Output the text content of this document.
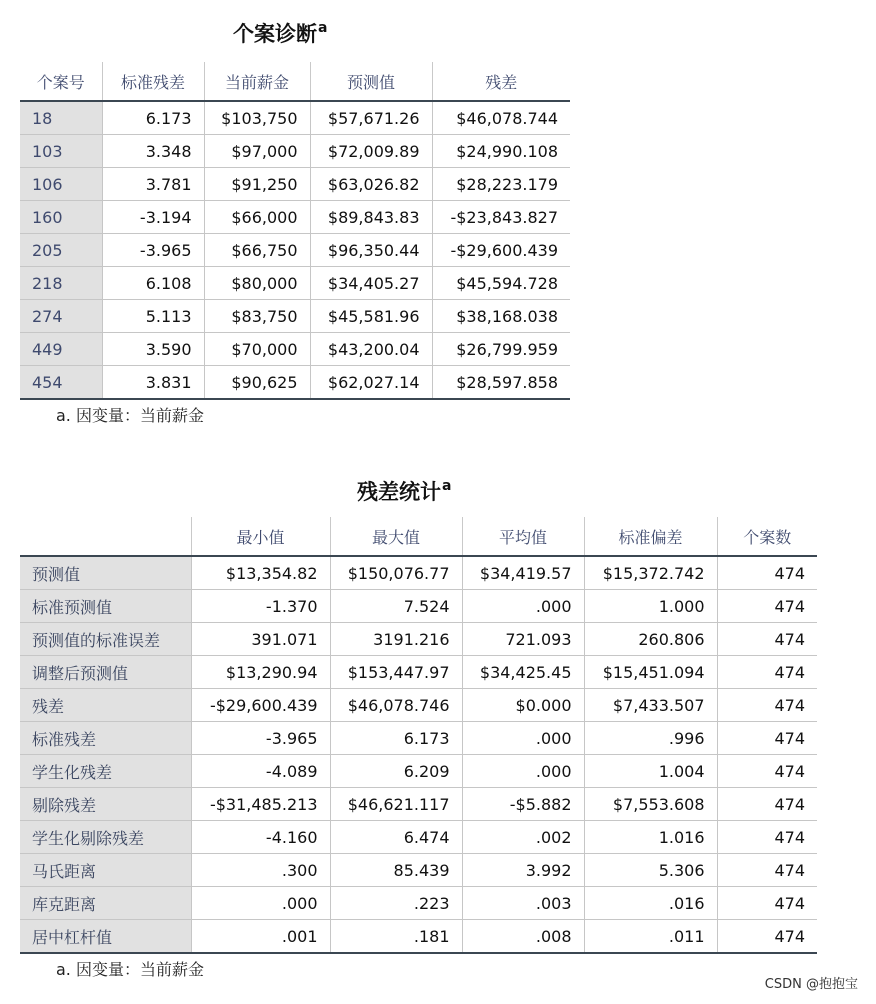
个案诊断$^a$
个案号	标准残差	当前薪金	预测值	残差
18	6.173	$103,750	$57,671.26	$46,078.744
103	3.348	$97,000	$72,009.89	$24,990.108
106	3.781	$91,250	$63,026.82	$28,223.179
160	-3.194	$66,000	$89,843.83	-$23,843.827
205	-3.965	$66,750	$96,350.44	-$29,600.439
218	6.108	$80,000	$34,405.27	$45,594.728
274	5.113	$83,750	$45,581.96	$38,168.038
449	3.590	$70,000	$43,200.04	$26,799.959
454	3.831	$90,625	$62,027.14	$28,597.858
a. 因变量：当前薪金
残差统计$^a$
	最小值	最大值	平均值	标准偏差	个案数
预测值	$13,354.82	$150,076.77	$34,419.57	$15,372.742	474
标准预测值	-1.370	7.524	.000	1.000	474
预测值的标准误差	391.071	3191.216	721.093	260.806	474
调整后预测值	$13,290.94	$153,447.97	$34,425.45	$15,451.094	474
残差	-$29,600.439	$46,078.746	$0.000	$7,433.507	474
标准残差	-3.965	6.173	.000	.996	474
学生化残差	-4.089	6.209	.000	1.004	474
剔除残差	-$31,485.213	$46,621.117	-$5.882	$7,553.608	474
学生化剔除残差	-4.160	6.474	.002	1.016	474
马氏距离	.300	85.439	3.992	5.306	474
库克距离	.000	.223	.003	.016	474
居中杠杆值	.001	.181	.008	.011	474
a. 因变量：当前薪金
CSDN @抱抱宝
